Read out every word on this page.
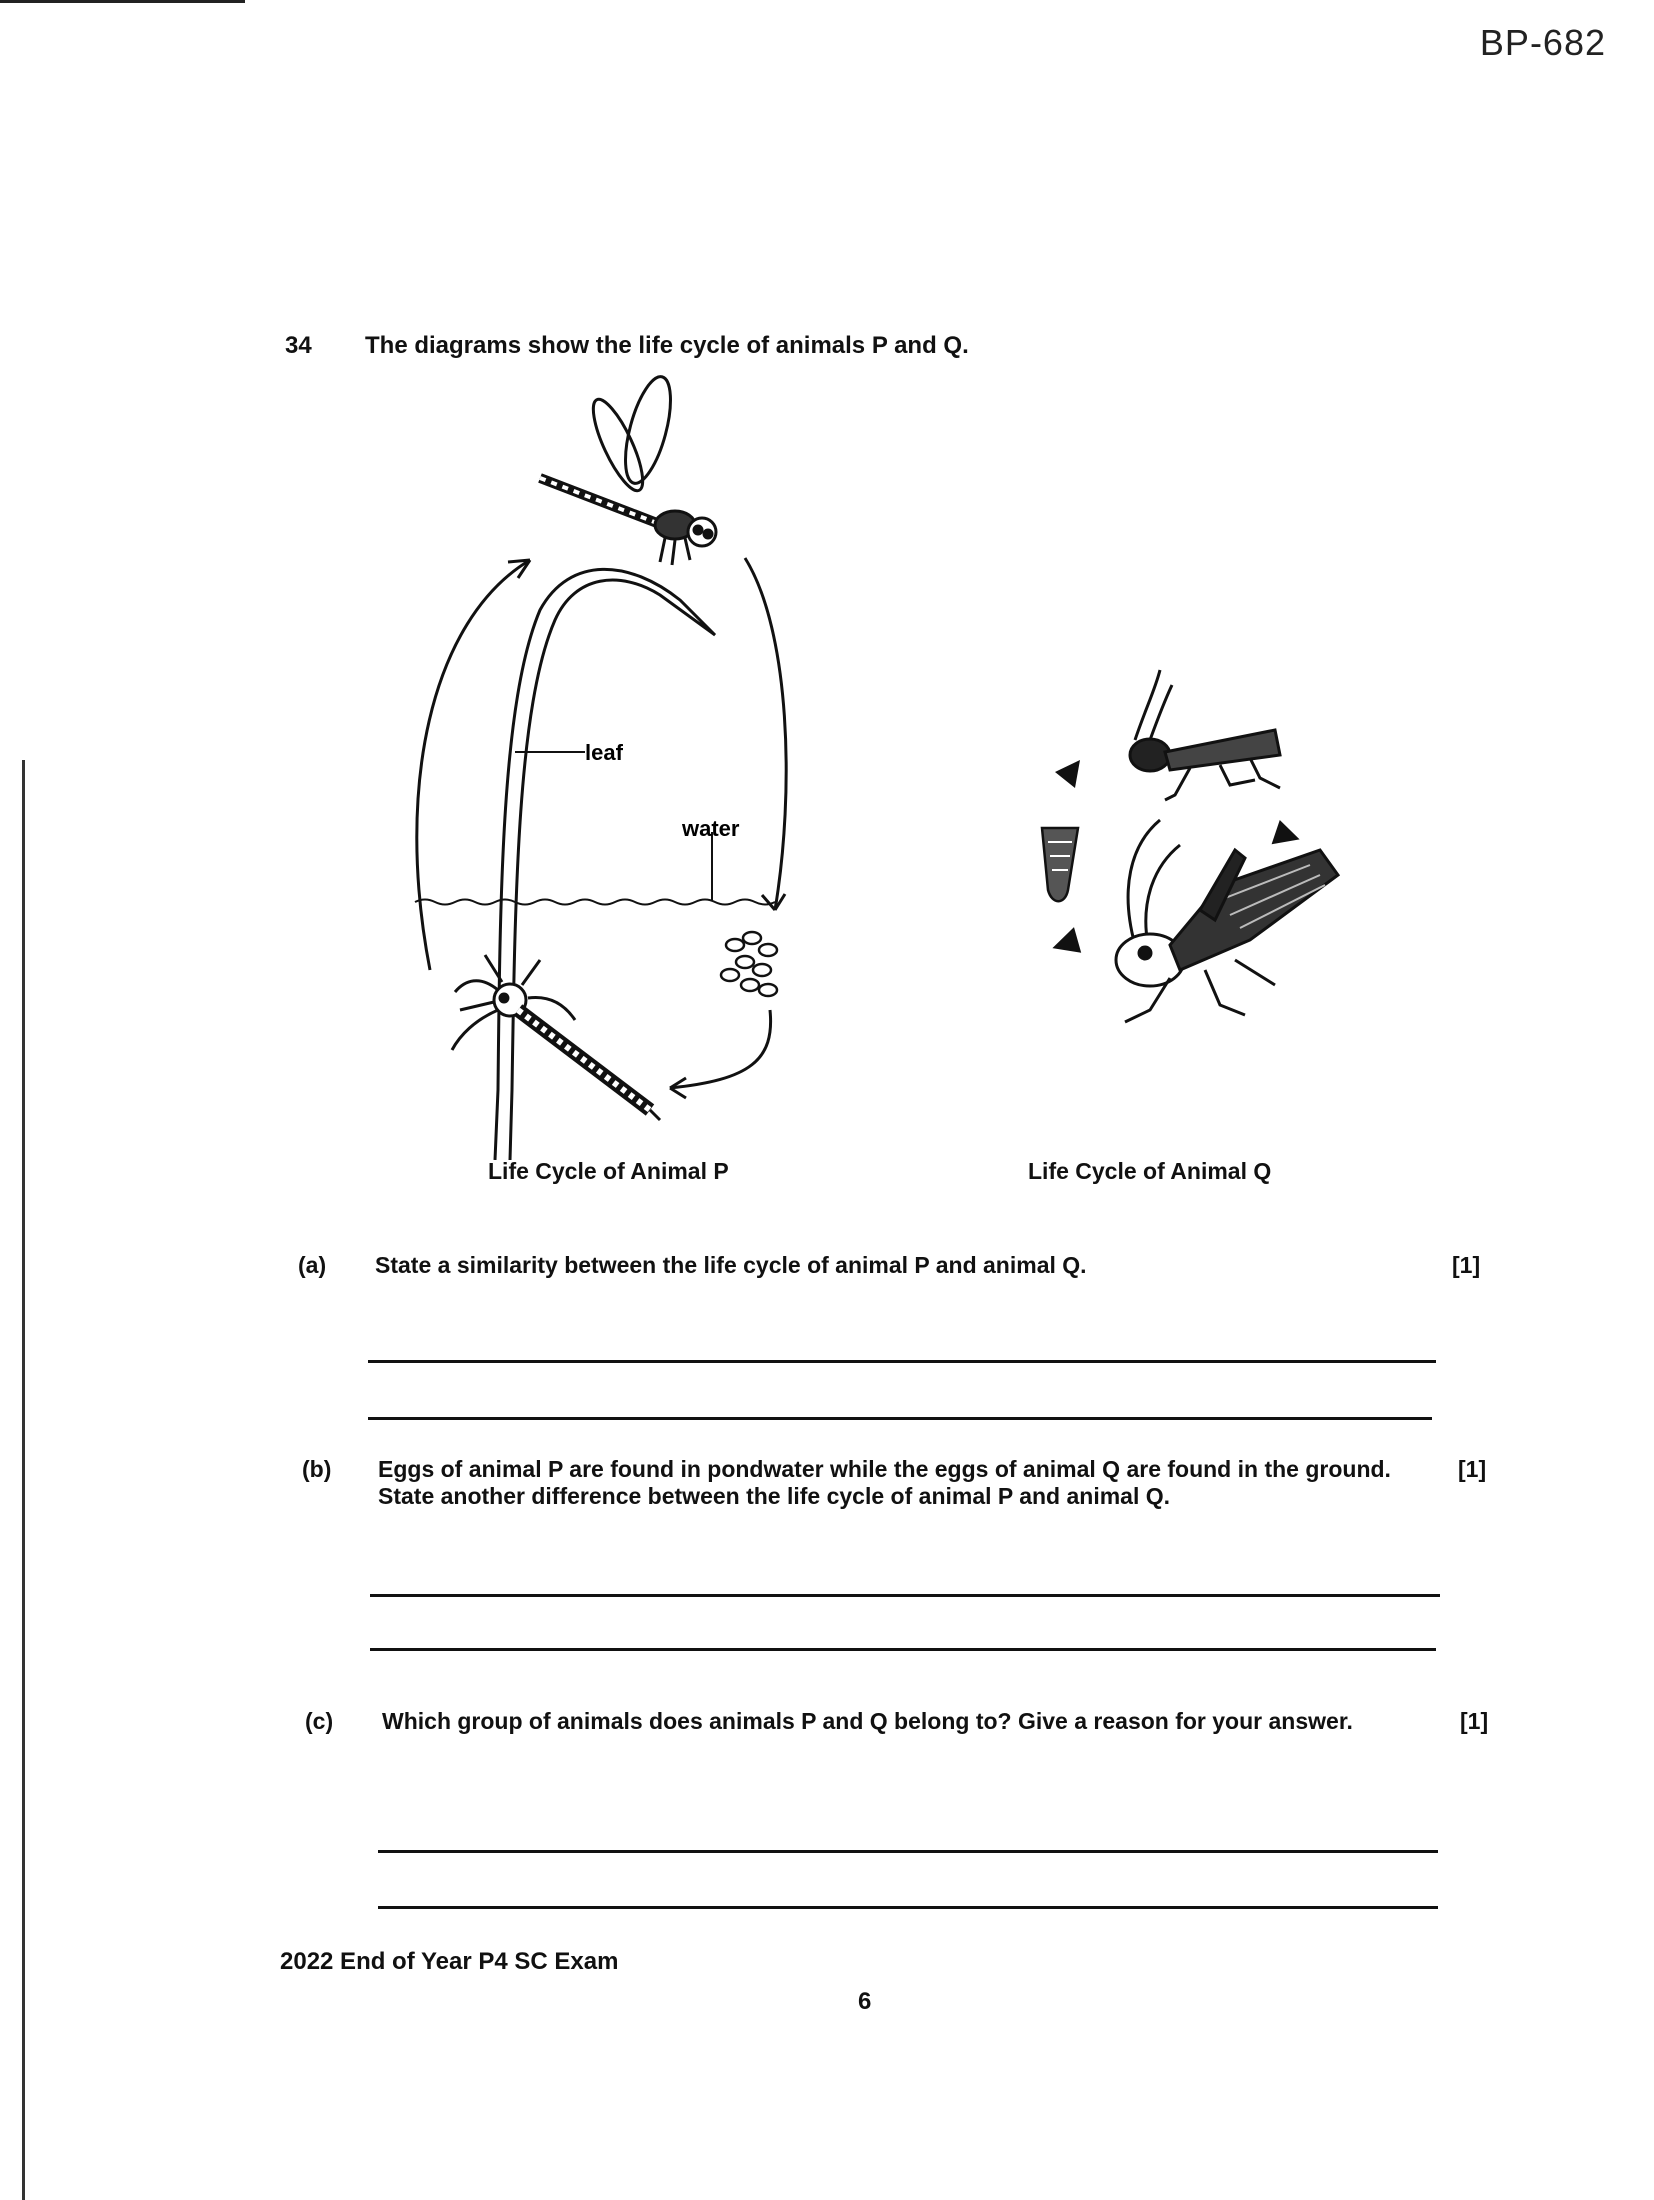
BP-682
34 The diagrams show the life cycle of animals P and Q.
leaf
water
Life Cycle of Animal P	Life Cycle of Animal Q
(a) State a similarity between the life cycle of animal P and animal Q.	[1]
(b) Eggs of animal P are found in pondwater while the eggs of animal Q are found in the ground. State another difference between the life cycle of animal P and animal Q.
[1]
(c) Which group of animals does animals P and Q belong to? Give a reason for your answer.	[1]
2022 End of Year P4 SC Exam
6
